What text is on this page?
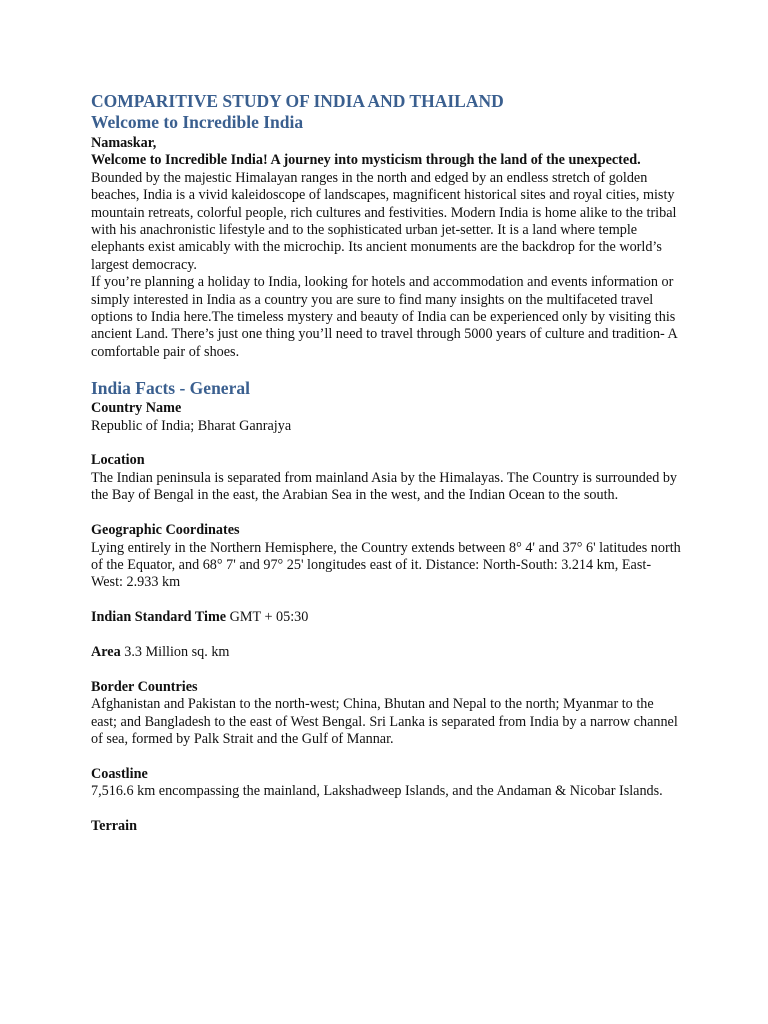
COMPARITIVE STUDY OF INDIA AND THAILAND
Welcome to Incredible India

Namaskar,

Welcome to Incredible India! A journey into mysticism through the land of the unexpected.

Bounded by the majestic Himalayan ranges in the north and edged by an endless stretch of golden beaches, India is a vivid kaleidoscope of landscapes, magnificent historical sites and royal cities, misty mountain retreats, colorful people, rich cultures and festivities. Modern India is home alike to the tribal with his anachronistic lifestyle and to the sophisticated urban jet-setter. It is a land where temple elephants exist amicably with the microchip. Its ancient monuments are the backdrop for the world’s largest democracy.

If you’re planning a holiday to India, looking for hotels and accommodation and events information or simply interested in India as a country you are sure to find many insights on the multifaceted travel options to India here.The timeless mystery and beauty of India can be experienced only by visiting this ancient Land. There’s just one thing you’ll need to travel through 5000 years of culture and tradition- A comfortable pair of shoes.

India Facts - General

Country Name

Republic of India; Bharat Ganrajya

Location

The Indian peninsula is separated from mainland Asia by the Himalayas. The Country is surrounded by the Bay of Bengal in the east, the Arabian Sea in the west, and the Indian Ocean to the south.

Geographic Coordinates

Lying entirely in the Northern Hemisphere, the Country extends between 8° 4' and 37° 6' latitudes north of the Equator, and 68° 7' and 97° 25' longitudes east of it. Distance: North-South: 3.214 km, East-West: 2.933 km

Indian Standard Time GMT + 05:30

Area 3.3 Million sq. km

Border Countries

Afghanistan and Pakistan to the north-west; China, Bhutan and Nepal to the north; Myanmar to the east; and Bangladesh to the east of West Bengal. Sri Lanka is separated from India by a narrow channel of sea, formed by Palk Strait and the Gulf of Mannar.

Coastline

7,516.6 km encompassing the mainland, Lakshadweep Islands, and the Andaman & Nicobar Islands.

Terrain
